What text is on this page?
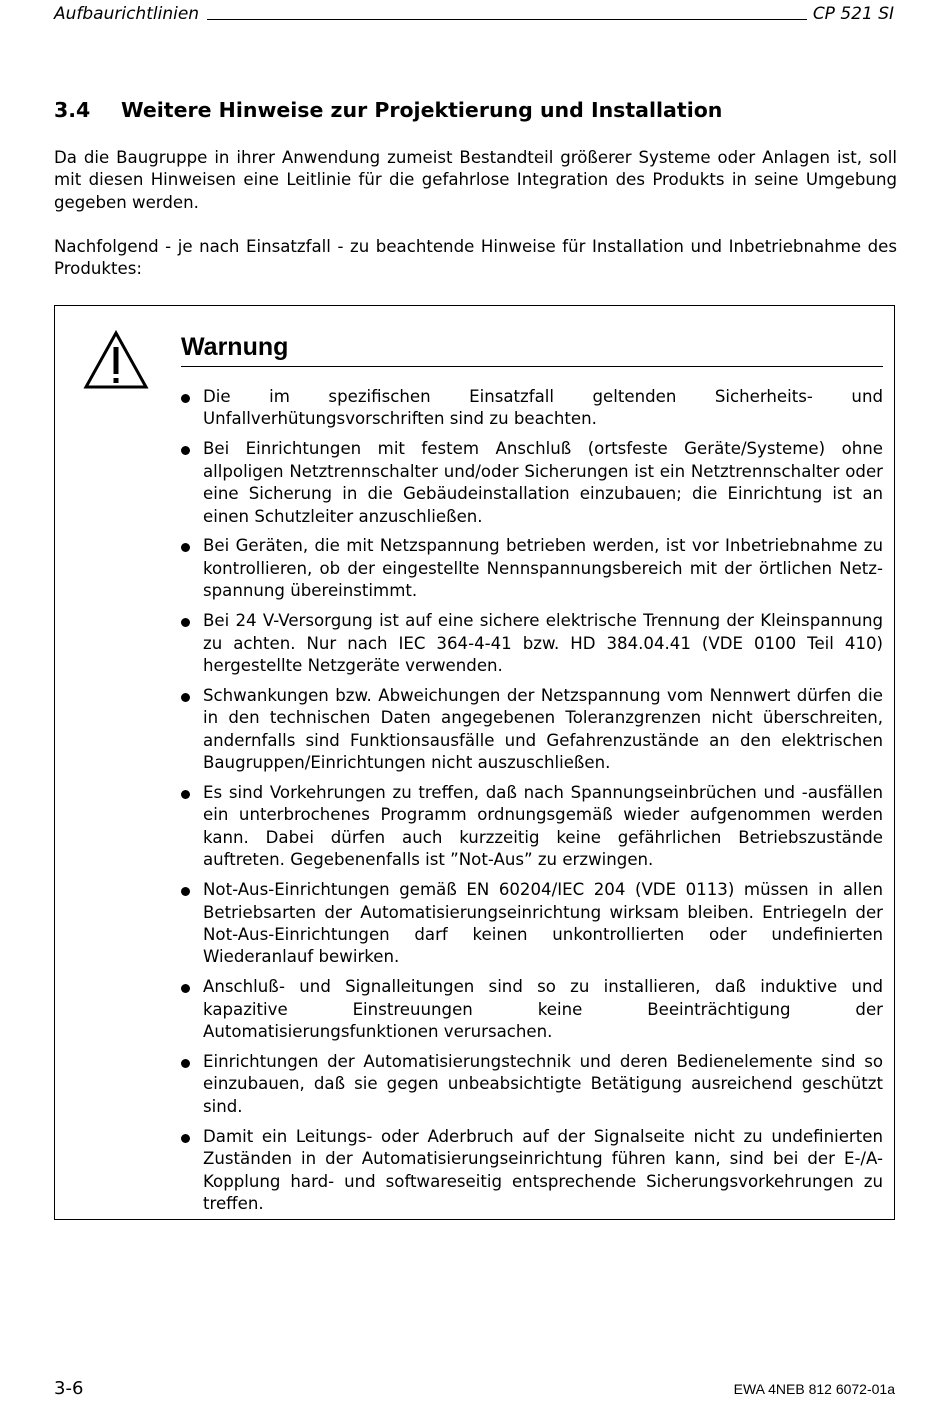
Aufbaurichtlinien	CP 521 SI
3.4	Weitere Hinweise zur Projektierung und Installation

Da die Baugruppe in ihrer Anwendung zumeist Bestandteil größerer Systeme oder Anlagen ist, soll mit diesen Hinweisen eine Leitlinie für die gefahrlose Integration des Produkts in seine Umgebung gegeben werden.

Nachfolgend - je nach Einsatzfall - zu beachtende Hinweise für Installation und Inbetriebnahme des Produktes:

Warnung
Die im spezifischen Einsatzfall geltenden Sicherheits- und Unfallverhütungsvorschriften sind zu beachten.
Bei Einrichtungen mit festem Anschluß (ortsfeste Geräte/Systeme) ohne allpoligen Netztrennschalter und/oder Sicherungen ist ein Netztrennschalter oder eine Sicherung in die Gebäudeinstallation einzubauen; die Einrichtung ist an einen Schutzleiter anzuschließen.
Bei Geräten, die mit Netzspannung betrieben werden, ist vor Inbetriebnahme zu kontrollieren, ob der eingestellte Nennspannungsbereich mit der örtlichen Netz-spannung übereinstimmt.
Bei 24 V-Versorgung ist auf eine sichere elektrische Trennung der Kleinspannung zu achten. Nur nach IEC 364-4-41 bzw. HD 384.04.41 (VDE 0100 Teil 410) hergestellte Netzgeräte verwenden.
Schwankungen bzw. Abweichungen der Netzspannung vom Nennwert dürfen die in den technischen Daten angegebenen Toleranzgrenzen nicht überschreiten, andernfalls sind Funktionsausfälle und Gefahrenzustände an den elektrischen Baugruppen/Einrichtungen nicht auszuschließen.
Es sind Vorkehrungen zu treffen, daß nach Spannungseinbrüchen und -ausfällen ein unterbrochenes Programm ordnungsgemäß wieder aufgenommen werden kann. Dabei dürfen auch kurzzeitig keine gefährlichen Betriebszustände auftreten. Gegebenenfalls ist ”Not-Aus” zu erzwingen.
Not-Aus-Einrichtungen gemäß EN 60204/IEC 204 (VDE 0113) müssen in allen Betriebsarten der Automatisierungseinrichtung wirksam bleiben. Entriegeln der Not-Aus-Einrichtungen darf keinen unkontrollierten oder undefinierten Wiederanlauf bewirken.
Anschluß- und Signalleitungen sind so zu installieren, daß induktive und kapazitive Einstreuungen keine Beeinträchtigung der Automatisierungsfunktionen verursachen.
Einrichtungen der Automatisierungstechnik und deren Bedienelemente sind so einzubauen, daß sie gegen unbeabsichtigte Betätigung ausreichend geschützt sind.
Damit ein Leitungs- oder Aderbruch auf der Signalseite nicht zu undefinierten Zuständen in der Automatisierungseinrichtung führen kann, sind bei der E-/A-Kopplung hard- und softwareseitig entsprechende Sicherungsvorkehrungen zu treffen.
3-6	EWA 4NEB 812 6072-01a
